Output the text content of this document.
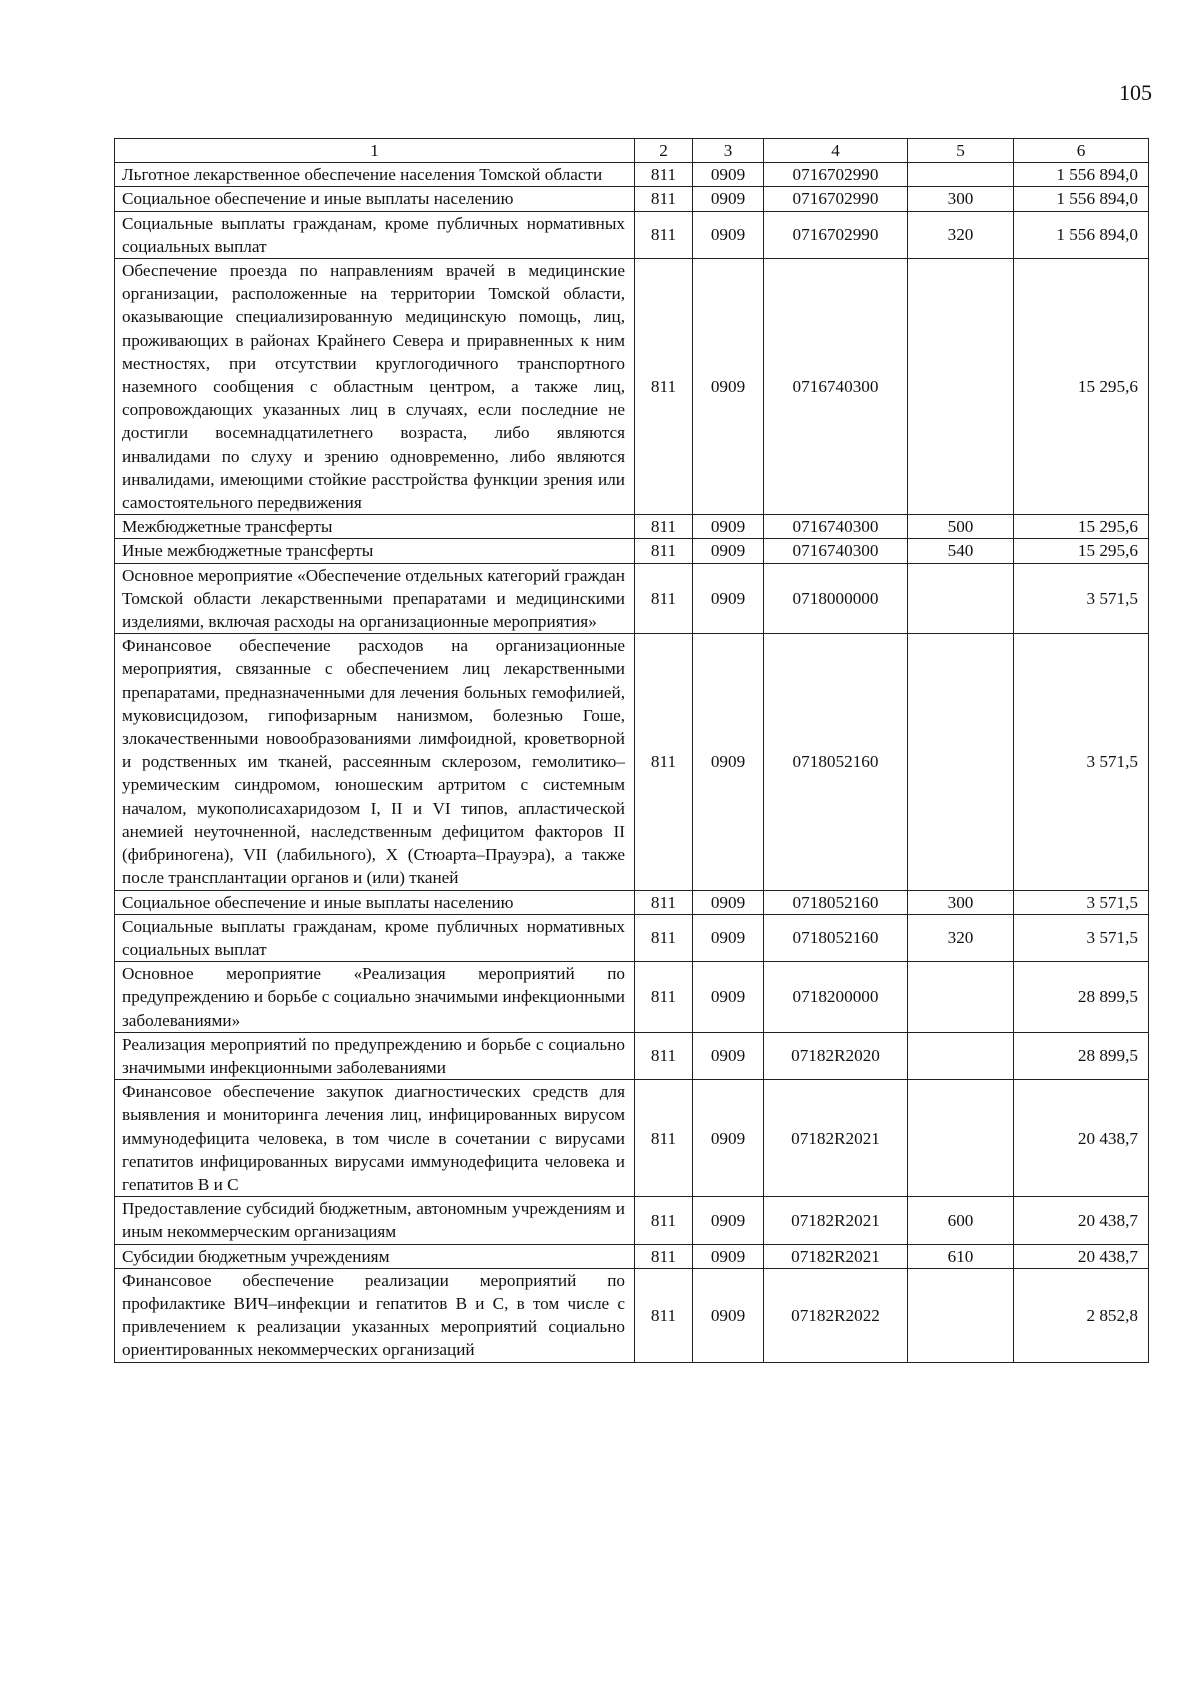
105
1	2	3	4	5	6
Льготное лекарственное обеспечение населения Томской области	811	0909	0716702990		1 556 894,0
Социальное обеспечение и иные выплаты населению	811	0909	0716702990	300	1 556 894,0
Социальные выплаты гражданам, кроме публичных нормативных социальных выплат	811	0909	0716702990	320	1 556 894,0
Обеспечение проезда по направлениям врачей в медицинские организации, расположенные на территории Томской области, оказывающие специализированную медицинскую помощь, лиц, проживающих в районах Крайнего Севера и приравненных к ним местностях, при отсутствии круглогодичного транспортного наземного сообщения с областным центром, а также лиц, сопровождающих указанных лиц в случаях, если последние не достигли восемнадцатилетнего возраста, либо являются инвалидами по слуху и зрению одновременно, либо являются инвалидами, имеющими стойкие расстройства функции зрения или самостоятельного передвижения	811	0909	0716740300		15 295,6
Межбюджетные трансферты	811	0909	0716740300	500	15 295,6
Иные межбюджетные трансферты	811	0909	0716740300	540	15 295,6
Основное мероприятие «Обеспечение отдельных категорий граждан Томской области лекарственными препаратами и медицинскими изделиями, включая расходы на организационные мероприятия»	811	0909	0718000000		3 571,5
Финансовое обеспечение расходов на организационные мероприятия, связанные с обеспечением лиц лекарственными препаратами, предназначенными для лечения больных гемофилией, муковисцидозом, гипофизарным нанизмом, болезнью Гоше, злокачественными новообразованиями лимфоидной, кроветворной и родственных им тканей, рассеянным склерозом, гемолитико–уремическим синдромом, юношеским артритом с системным началом, мукополисахаридозом I, II и VI типов, апластической анемией неуточненной, наследственным дефицитом факторов II (фибриногена), VII (лабильного), X (Стюарта–Прауэра), а также после трансплантации органов и (или) тканей	811	0909	0718052160		3 571,5
Социальное обеспечение и иные выплаты населению	811	0909	0718052160	300	3 571,5
Социальные выплаты гражданам, кроме публичных нормативных социальных выплат	811	0909	0718052160	320	3 571,5
Основное мероприятие «Реализация мероприятий по предупреждению и борьбе с социально значимыми инфекционными заболеваниями»	811	0909	0718200000		28 899,5
Реализация мероприятий по предупреждению и борьбе с социально значимыми инфекционными заболеваниями	811	0909	07182R2020		28 899,5
Финансовое обеспечение закупок диагностических средств для выявления и мониторинга лечения лиц, инфицированных вирусом иммунодефицита человека, в том числе в сочетании с вирусами гепатитов инфицированных вирусами иммунодефицита человека и гепатитов B и C	811	0909	07182R2021		20 438,7
Предоставление субсидий бюджетным, автономным учреждениям и иным некоммерческим организациям	811	0909	07182R2021	600	20 438,7
Субсидии бюджетным учреждениям	811	0909	07182R2021	610	20 438,7
Финансовое обеспечение реализации мероприятий по профилактике ВИЧ–инфекции и гепатитов B и C, в том числе с привлечением к реализации указанных мероприятий социально ориентированных некоммерческих организаций	811	0909	07182R2022		2 852,8
